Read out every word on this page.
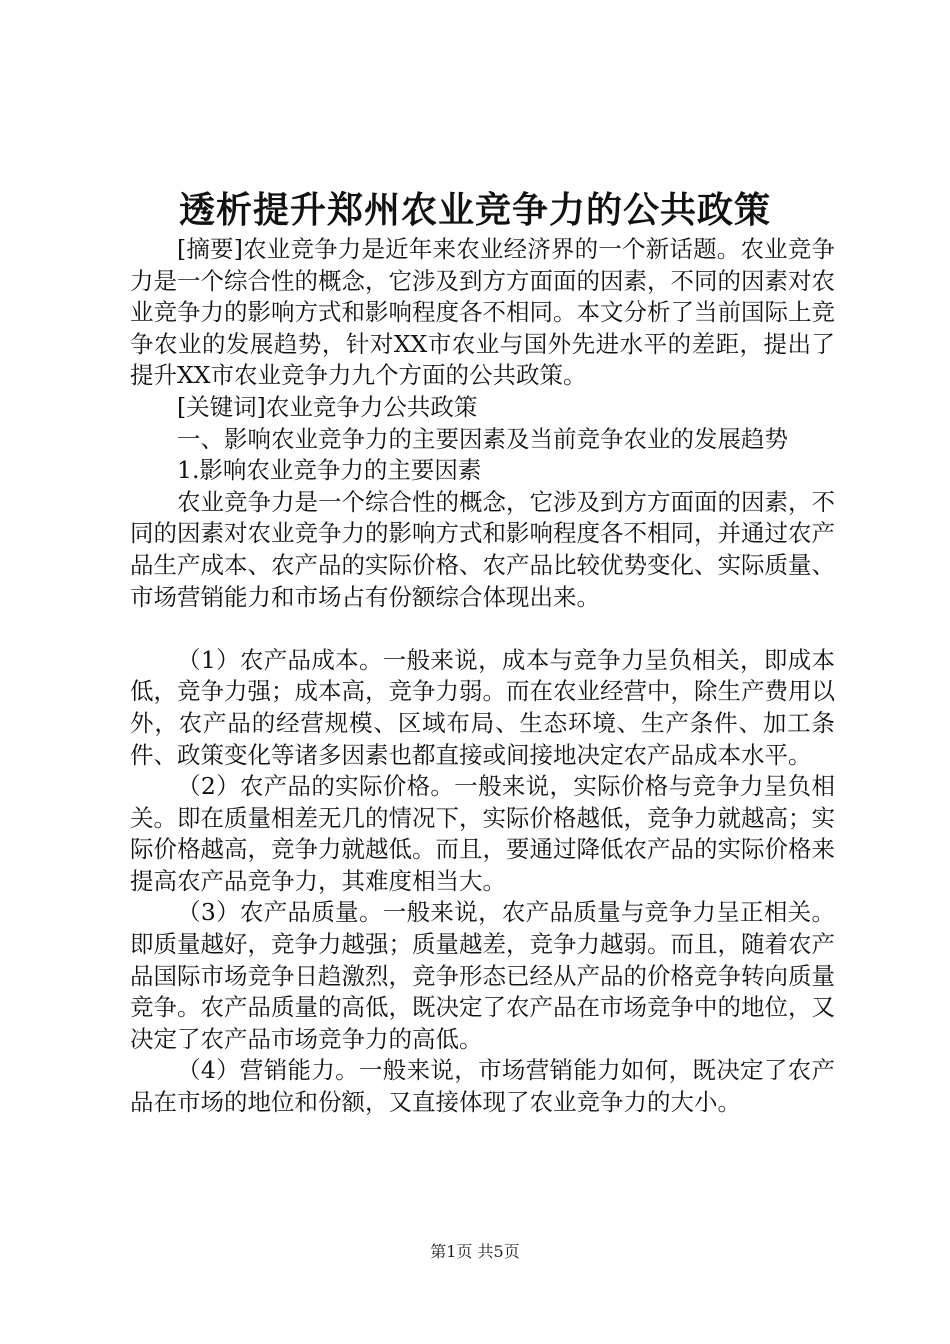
透析提升郑州农业竞争力的公共政策

[摘要]农业竞争力是近年来农业经济界的一个新话题。农业竞争力是一个综合性的概念，它涉及到方方面面的因素，不同的因素对农业竞争力的影响方式和影响程度各不相同。本文分析了当前国际上竞争农业的发展趋势，针对XX市农业与国外先进水平的差距，提出了提升XX市农业竞争力九个方面的公共政策。

[关键词]农业竞争力公共政策

一、影响农业竞争力的主要因素及当前竞争农业的发展趋势

1.影响农业竞争力的主要因素

农业竞争力是一个综合性的概念，它涉及到方方面面的因素，不同的因素对农业竞争力的影响方式和影响程度各不相同，并通过农产品生产成本、农产品的实际价格、农产品比较优势变化、实际质量、市场营销能力和市场占有份额综合体现出来。

（1）农产品成本。一般来说，成本与竞争力呈负相关，即成本低，竞争力强；成本高，竞争力弱。而在农业经营中，除生产费用以外，农产品的经营规模、区域布局、生态环境、生产条件、加工条件、政策变化等诸多因素也都直接或间接地决定农产品成本水平。

（2）农产品的实际价格。一般来说，实际价格与竞争力呈负相关。即在质量相差无几的情况下，实际价格越低，竞争力就越高；实际价格越高，竞争力就越低。而且，要通过降低农产品的实际价格来提高农产品竞争力，其难度相当大。

（3）农产品质量。一般来说，农产品质量与竞争力呈正相关。即质量越好，竞争力越强；质量越差，竞争力越弱。而且，随着农产品国际市场竞争日趋激烈，竞争形态已经从产品的价格竞争转向质量竞争。农产品质量的高低，既决定了农产品在市场竞争中的地位，又决定了农产品市场竞争力的高低。

（4）营销能力。一般来说，市场营销能力如何，既决定了农产品在市场的地位和份额，又直接体现了农业竞争力的大小。

第1页 共5页
